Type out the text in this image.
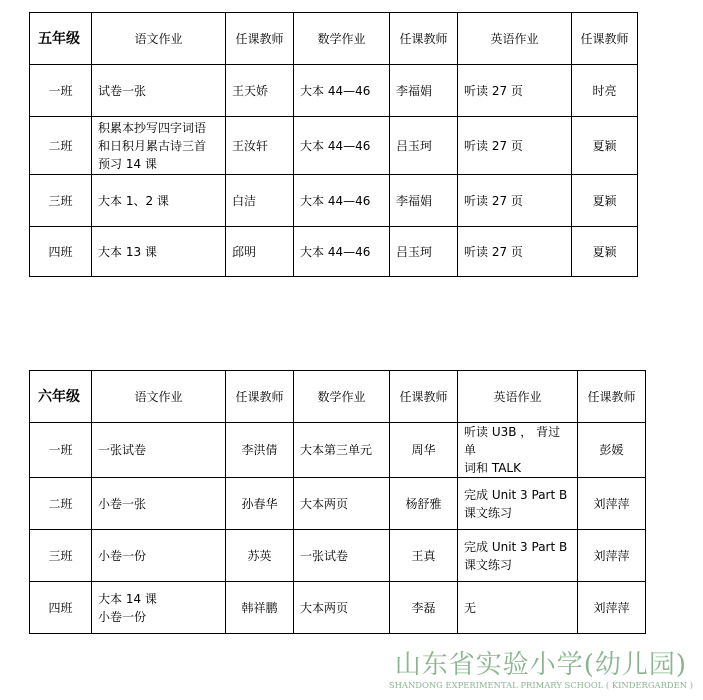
五年级	语文作业	任课教师	数学作业	任课教师	英语作业	任课教师
一班	试卷一张	王天娇	大本 44—46	李福娟	听读 27 页	时亮
二班	积累本抄写四字词语
和日积月累古诗三首
预习 14 课	王汝轩	大本 44—46	吕玉珂	听读 27 页	夏颖
三班	大本 1、2 课	白洁	大本 44—46	李福娟	听读 27 页	夏颖
四班	大本 13 课	邱明	大本 44—46	吕玉珂	听读 27 页	夏颖
六年级	语文作业	任课教师	数学作业	任课教师	英语作业	任课教师
一班	一张试卷	李洪倩	大本第三单元	周华	听读 U3B ， 背过单
词和 TALK	彭媛
二班	小卷一张	孙春华	大本两页	杨舒雅	完成 Unit 3 Part B
课文练习	刘萍萍
三班	小卷一份	苏英	一张试卷	王真	完成 Unit 3 Part B
课文练习	刘萍萍
四班	大本 14 课
小卷一份	韩祥鹏	大本两页	李磊	无	刘萍萍
山东省实验小学(幼儿园)
SHANDONG EXPERIMENTAL PRIMARY SCHOOL ( KINDERGARDEN )
